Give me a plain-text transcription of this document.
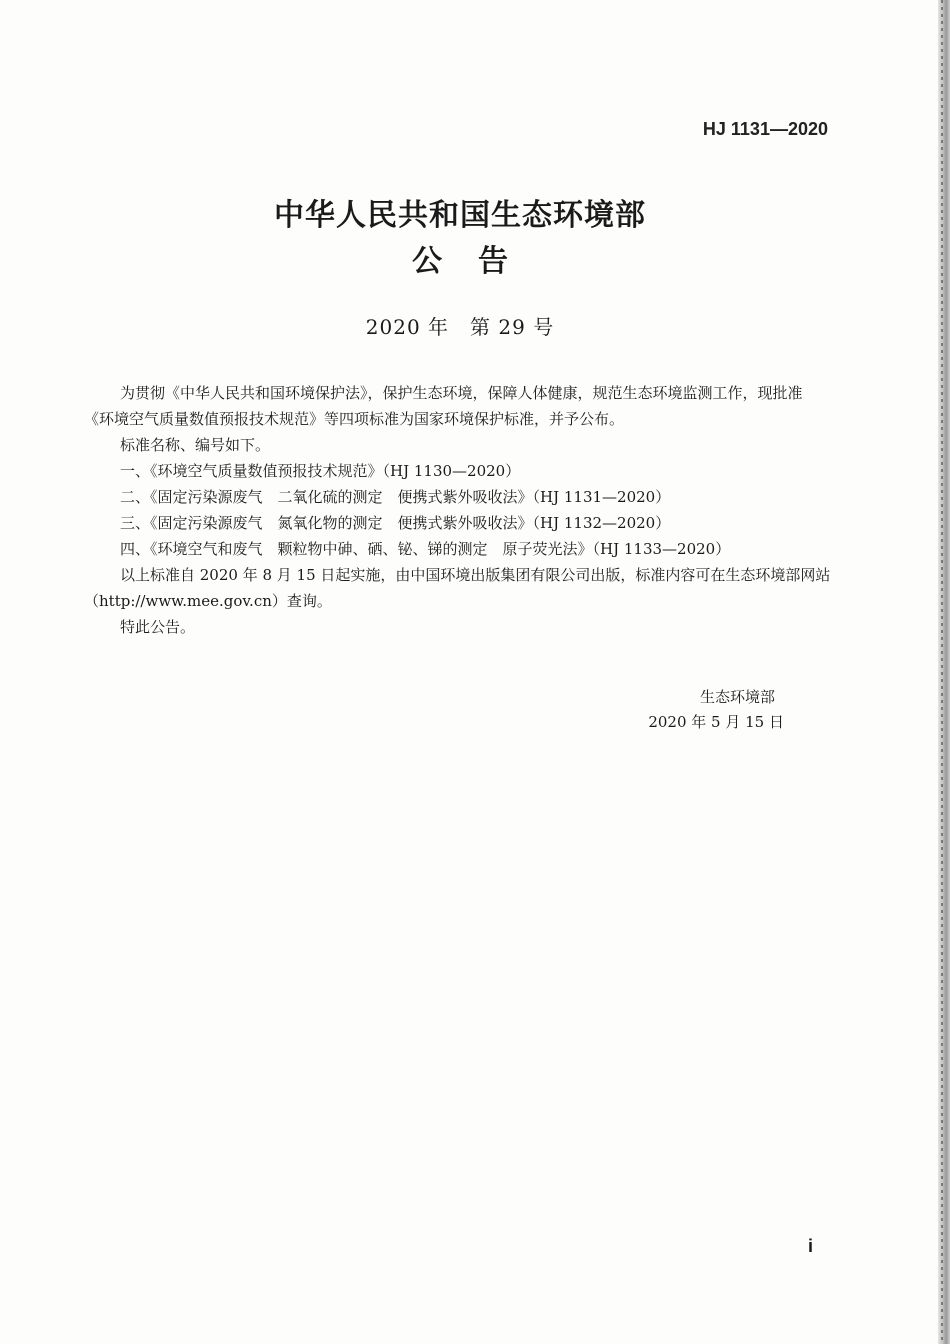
HJ 1131—2020
中华人民共和国生态环境部
公告
2020 年　第 29 号

为贯彻《中华人民共和国环境保护法》，保护生态环境，保障人体健康，规范生态环境监测工作，现批准《环境空气质量数值预报技术规范》等四项标准为国家环境保护标准，并予公布。

标准名称、编号如下。

一、《环境空气质量数值预报技术规范》（HJ 1130—2020）

二、《固定污染源废气　二氧化硫的测定　便携式紫外吸收法》（HJ 1131—2020）

三、《固定污染源废气　氮氧化物的测定　便携式紫外吸收法》（HJ 1132—2020）

四、《环境空气和废气　颗粒物中砷、硒、铋、锑的测定　原子荧光法》（HJ 1133—2020）

以上标准自 2020 年 8 月 15 日起实施，由中国环境出版集团有限公司出版，标准内容可在生态环境部网站（http://www.mee.gov.cn）查询。

特此公告。

生态环境部
2020 年 5 月 15 日
i
